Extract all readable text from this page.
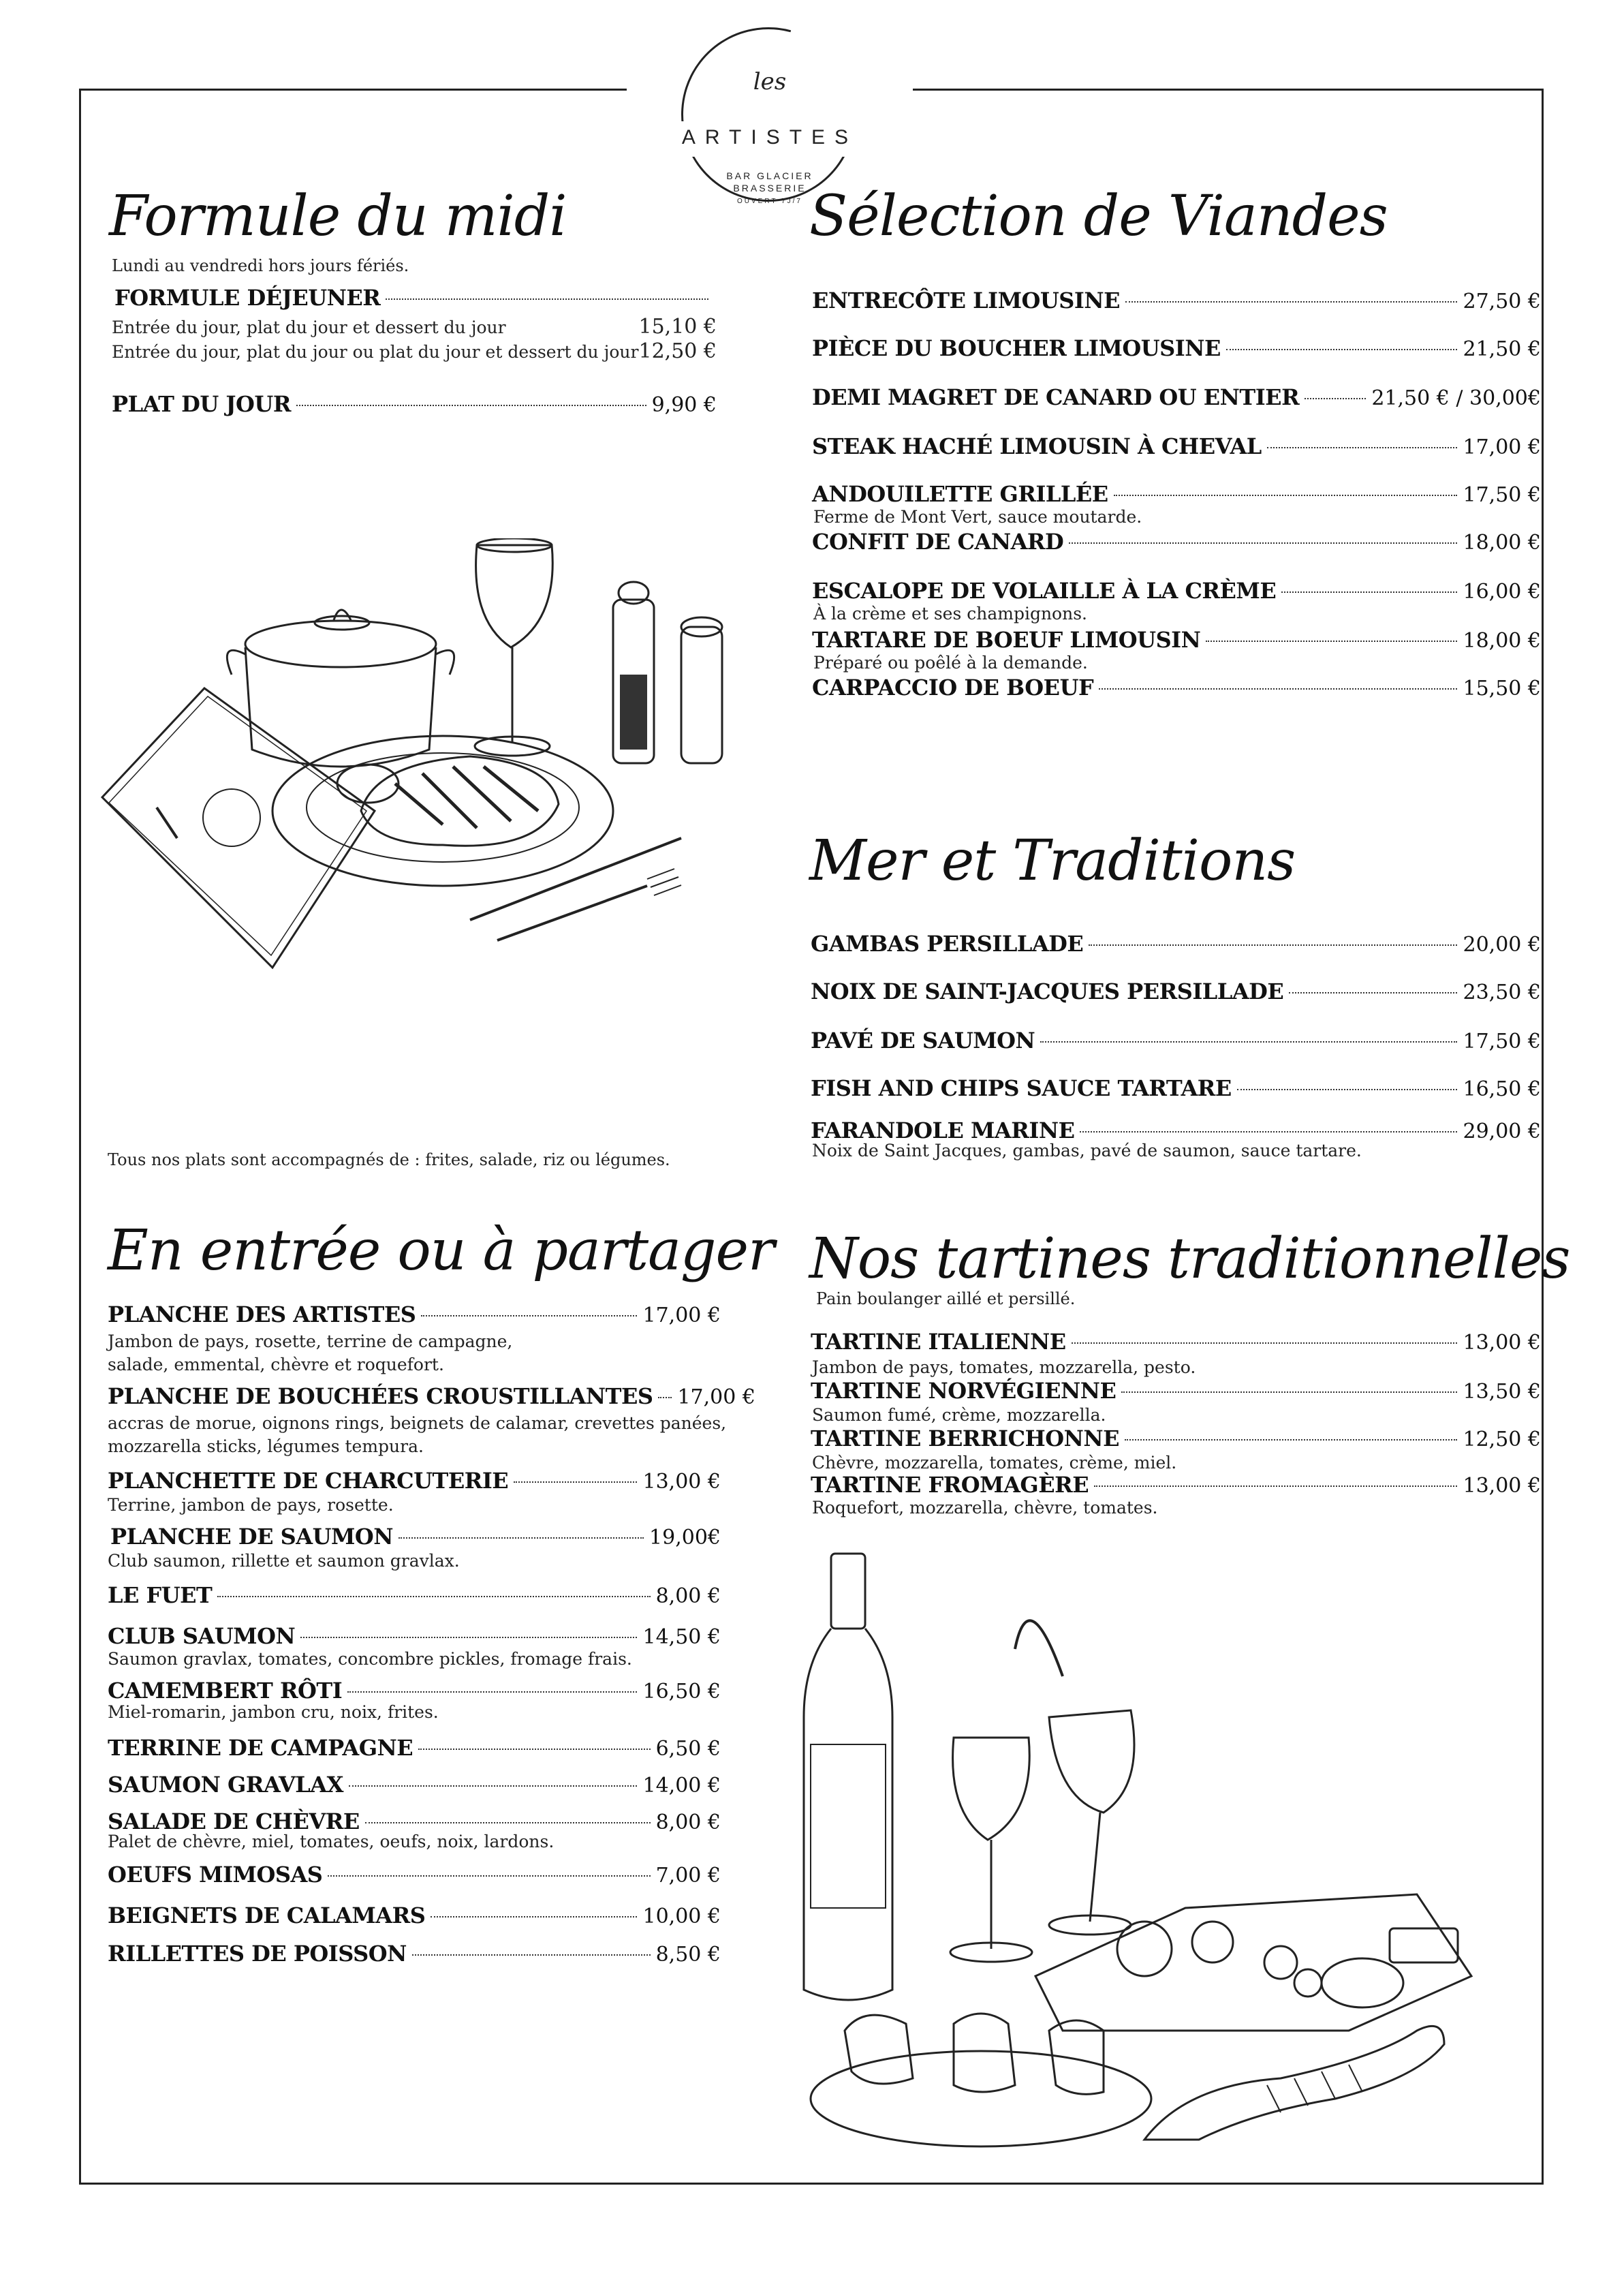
les
ARTISTES
BAR GLACIER
BRASSERIE
OUVERT 7J/7
Formule du midi
Lundi au vendredi hors jours fériés.
FORMULE DÉJEUNER
Entrée du jour, plat du jour et dessert du jour	15,10 €
Entrée du jour, plat du jour ou plat du jour et dessert du jour 12,50 €
PLAT DU JOUR	9,90 €
Tous nos plats sont accompagnés de : frites, salade, riz ou légumes.
Sélection de Viandes
ENTRECÔTE LIMOUSINE	27,50 €
PIÈCE DU BOUCHER LIMOUSINE	21,50 €
DEMI MAGRET DE CANARD OU ENTIER	21,50 € / 30,00€
STEAK HACHÉ LIMOUSIN À CHEVAL	17,00 €
ANDOUILETTE GRILLÉE	17,50 €
Ferme de Mont Vert, sauce moutarde.
CONFIT DE CANARD	18,00 €
ESCALOPE DE VOLAILLE À LA CRÈME	16,00 €
À la crème et ses champignons.
TARTARE DE BOEUF LIMOUSIN	18,00 €
Préparé ou poêlé à la demande.
CARPACCIO DE BOEUF	15,50 €
Mer et Traditions
GAMBAS PERSILLADE	20,00 €
NOIX DE SAINT-JACQUES PERSILLADE	23,50 €
PAVÉ DE SAUMON	17,50 €
FISH AND CHIPS SAUCE TARTARE	16,50 €
FARANDOLE MARINE	29,00 €
Noix de Saint Jacques, gambas, pavé de saumon, sauce tartare.
En entrée ou à partager
PLANCHE DES ARTISTES	17,00 €
Jambon de pays, rosette, terrine de campagne,
salade, emmental, chèvre et roquefort.
PLANCHE DE BOUCHÉES CROUSTILLANTES 17,00 €
accras de morue, oignons rings, beignets de calamar, crevettes panées,
mozzarella sticks, légumes tempura.
PLANCHETTE DE CHARCUTERIE	13,00 €
Terrine, jambon de pays, rosette.
PLANCHE DE SAUMON	19,00€
Club saumon, rillette et saumon gravlax.
LE FUET	8,00 €
CLUB SAUMON	14,50 €
Saumon gravlax, tomates, concombre pickles, fromage frais.
CAMEMBERT RÔTI	16,50 €
Miel-romarin, jambon cru, noix, frites.
TERRINE DE CAMPAGNE	6,50 €
SAUMON GRAVLAX	14,00 €
SALADE DE CHÈVRE	8,00 €
Palet de chèvre, miel, tomates, oeufs, noix, lardons.
OEUFS MIMOSAS	7,00 €
BEIGNETS DE CALAMARS	10,00 €
RILLETTES DE POISSON	8,50 €
Nos tartines traditionnelles
Pain boulanger aillé et persillé.
TARTINE ITALIENNE	13,00 €
Jambon de pays, tomates, mozzarella, pesto.
TARTINE NORVÉGIENNE	13,50 €
Saumon fumé, crème, mozzarella.
TARTINE BERRICHONNE	12,50 €
Chèvre, mozzarella, tomates, crème, miel.
TARTINE FROMAGÈRE	13,00 €
Roquefort, mozzarella, chèvre, tomates.
